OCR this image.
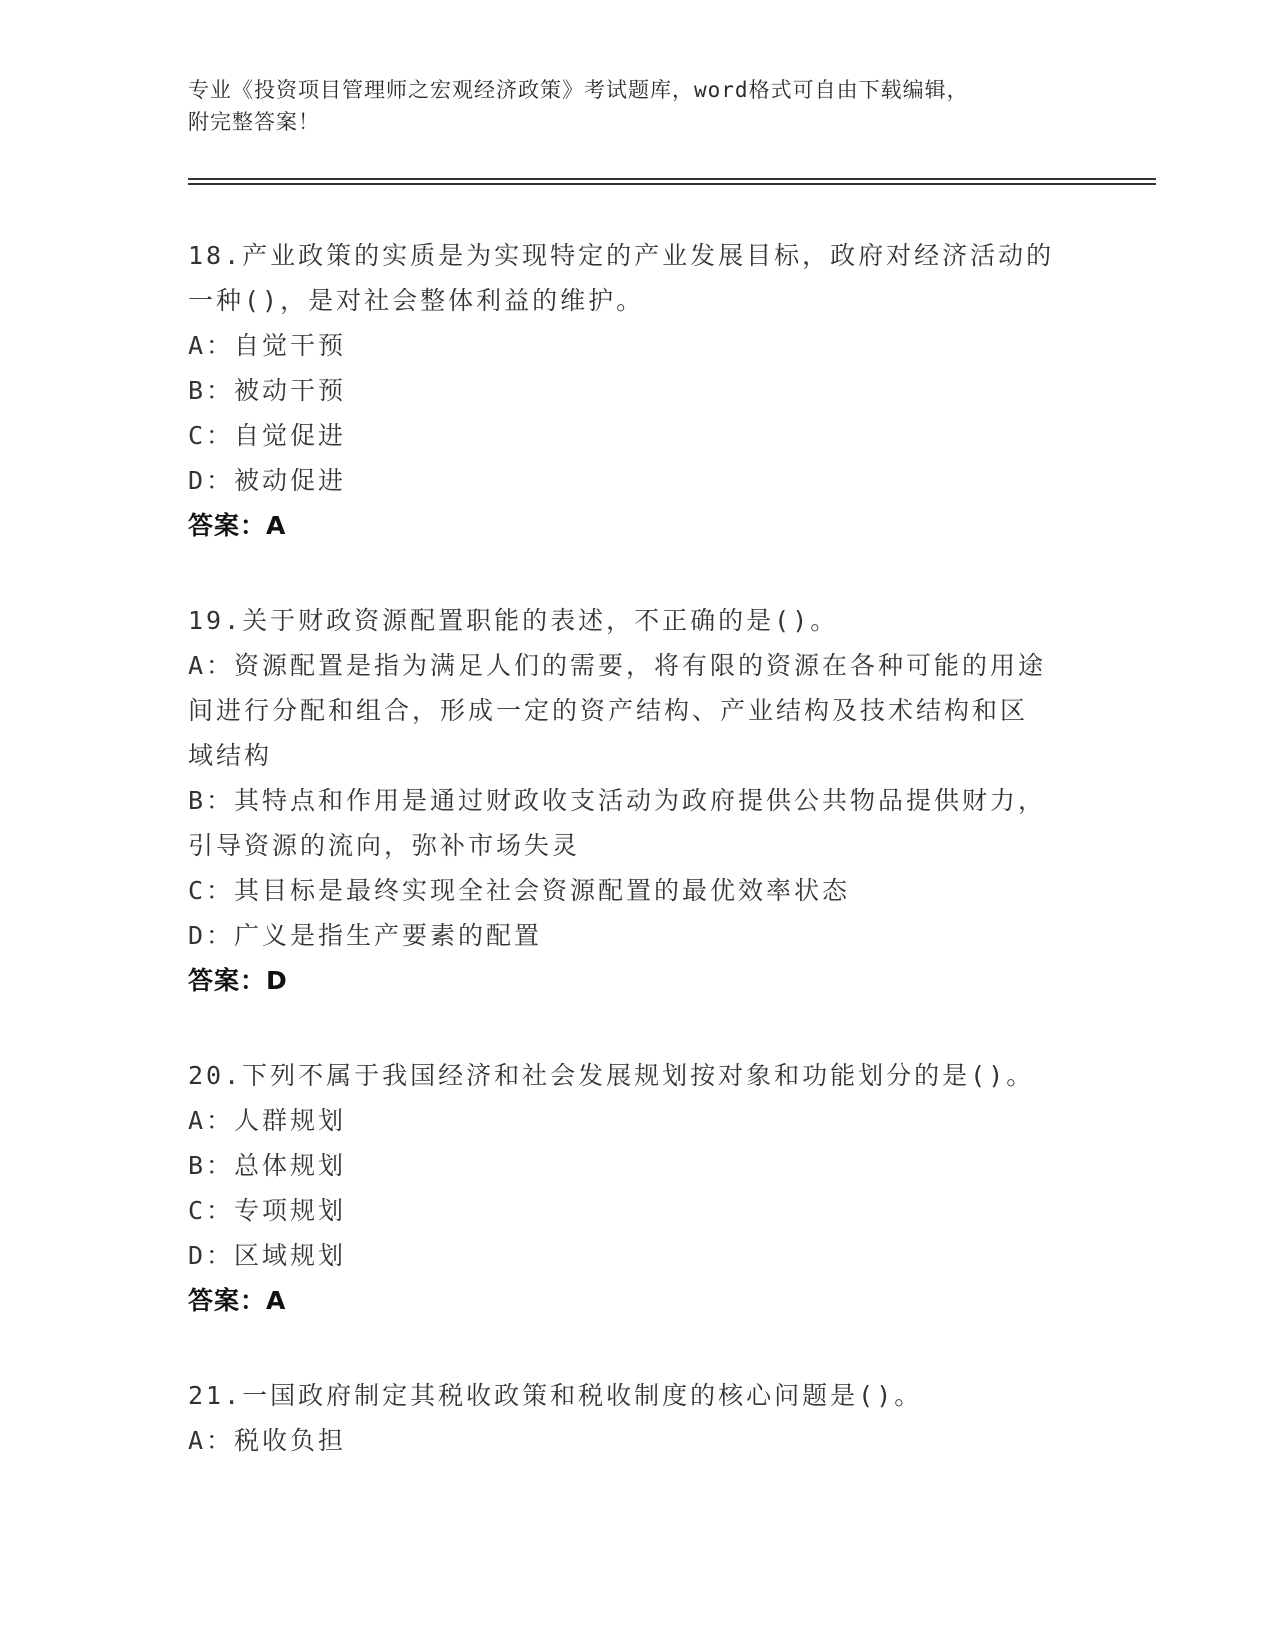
专业《投资项目管理师之宏观经济政策》考试题库，word格式可自由下载编辑，
附完整答案！
18.产业政策的实质是为实现特定的产业发展目标，政府对经济活动的
一种()，是对社会整体利益的维护。
A：自觉干预
B：被动干预
C：自觉促进
D：被动促进
答案：A
19.关于财政资源配置职能的表述，不正确的是()。
A：资源配置是指为满足人们的需要，将有限的资源在各种可能的用途
间进行分配和组合，形成一定的资产结构、产业结构及技术结构和区
域结构
B：其特点和作用是通过财政收支活动为政府提供公共物品提供财力，
引导资源的流向，弥补市场失灵
C：其目标是最终实现全社会资源配置的最优效率状态
D：广义是指生产要素的配置
答案：D
20.下列不属于我国经济和社会发展规划按对象和功能划分的是()。
A：人群规划
B：总体规划
C：专项规划
D：区域规划
答案：A
21.一国政府制定其税收政策和税收制度的核心问题是()。
A：税收负担
